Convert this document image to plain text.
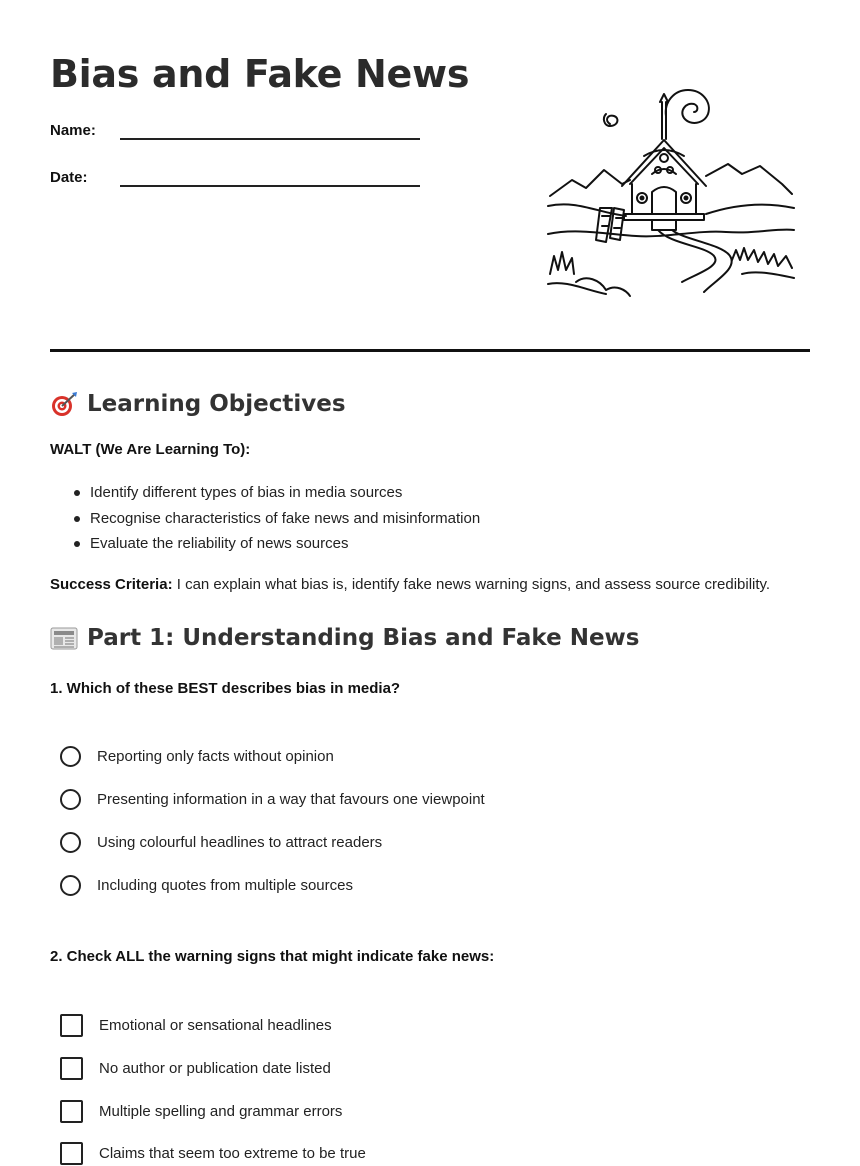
Bias and Fake News
Name:
Date:
Learning Objectives
WALT (We Are Learning To):
Identify different types of bias in media sources
Recognise characteristics of fake news and misinformation
Evaluate the reliability of news sources
Success Criteria: I can explain what bias is, identify fake news warning signs, and assess source credibility.
Part 1: Understanding Bias and Fake News
1. Which of these BEST describes bias in media?
Reporting only facts without opinion
Presenting information in a way that favours one viewpoint
Using colourful headlines to attract readers
Including quotes from multiple sources
2. Check ALL the warning signs that might indicate fake news:
Emotional or sensational headlines
No author or publication date listed
Multiple spelling and grammar errors
Claims that seem too extreme to be true
